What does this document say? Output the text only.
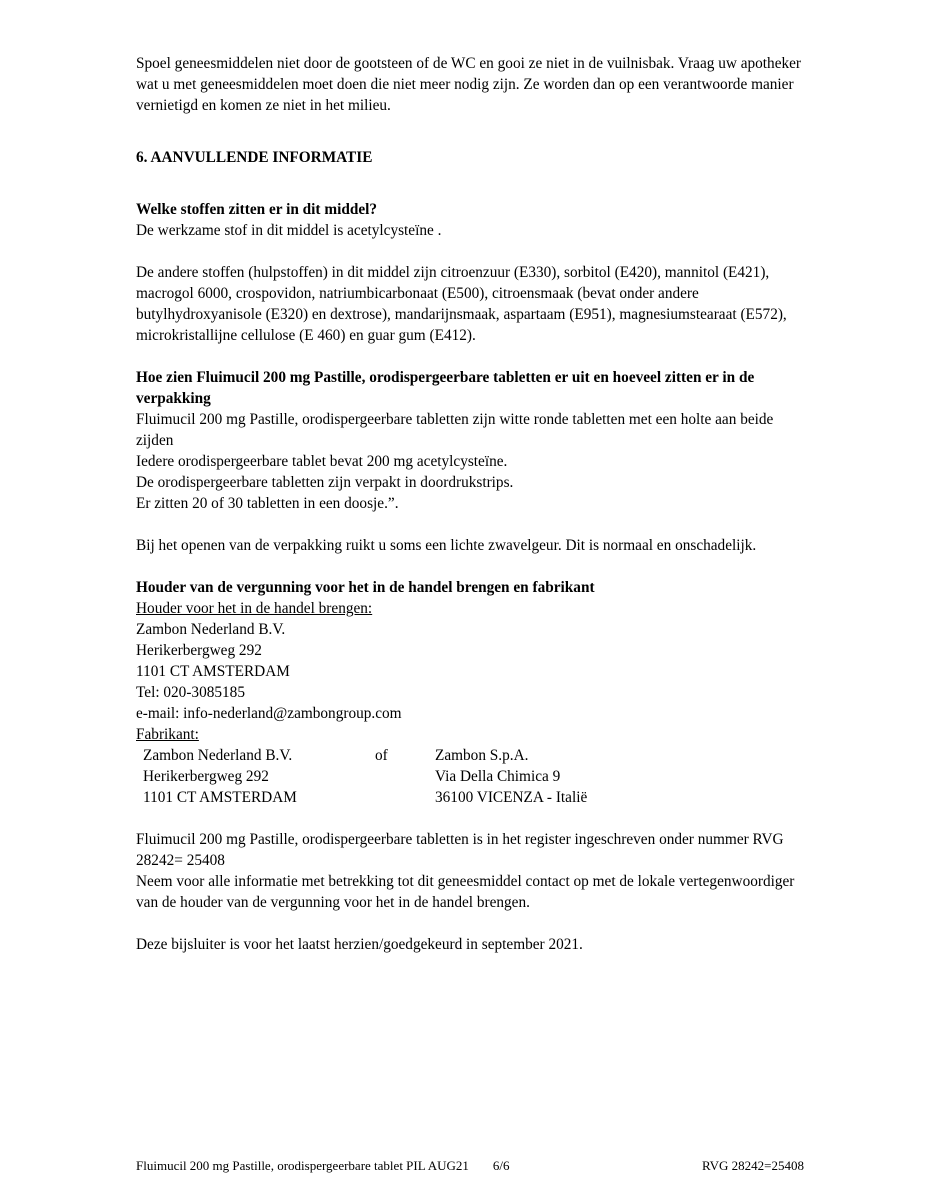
Spoel geneesmiddelen niet door de gootsteen of de WC en gooi ze niet in de vuilnisbak. Vraag uw apotheker wat u met geneesmiddelen moet doen die niet meer nodig zijn. Ze worden dan op een verantwoorde manier vernietigd en komen ze niet in het milieu.

6. AANVULLENDE INFORMATIE
Welke stoffen zitten er in dit middel?
De werkzame stof in dit middel is acetylcysteïne .

De andere stoffen (hulpstoffen) in dit middel zijn citroenzuur (E330), sorbitol (E420), mannitol (E421), macrogol 6000, crospovidon, natriumbicarbonaat (E500), citroensmaak (bevat onder andere butylhydroxyanisole (E320) en dextrose), mandarijnsmaak, aspartaam (E951), magnesiumstearaat (E572), microkristallijne cellulose (E 460) en guar gum (E412).

Hoe zien Fluimucil 200 mg Pastille, orodispergeerbare tabletten er uit en hoeveel zitten er in de verpakking
Fluimucil 200 mg Pastille, orodispergeerbare tabletten zijn witte ronde tabletten met een holte aan beide zijden
Iedere orodispergeerbare tablet bevat 200 mg acetylcysteïne.
De orodispergeerbare tabletten zijn verpakt in doordrukstrips.
Er zitten 20 of 30 tabletten in een doosje.”.

Bij het openen van de verpakking ruikt u soms een lichte zwavelgeur. Dit is normaal en onschadelijk.

Houder van de vergunning voor het in de handel brengen en fabrikant
Houder voor het in de handel brengen:
Zambon Nederland B.V.
Herikerbergweg 292
1101 CT AMSTERDAM
Tel: 020-3085185
e-mail: info-nederland@zambongroup.com
Fabrikant:
Zambon Nederland B.V.	of	Zambon S.p.A.
Herikerbergweg 292	Via Della Chimica 9
1101 CT AMSTERDAM	36100 VICENZA - Italië

Fluimucil 200 mg Pastille, orodispergeerbare tabletten is in het register ingeschreven onder nummer RVG 28242= 25408

Neem voor alle informatie met betrekking tot dit geneesmiddel contact op met de lokale vertegenwoordiger van de houder van de vergunning voor het in de handel brengen.

Deze bijsluiter is voor het laatst herzien/goedgekeurd in september 2021.

Fluimucil 200 mg Pastille, orodispergeerbare tablet PIL AUG21 6/6	RVG 28242=25408
